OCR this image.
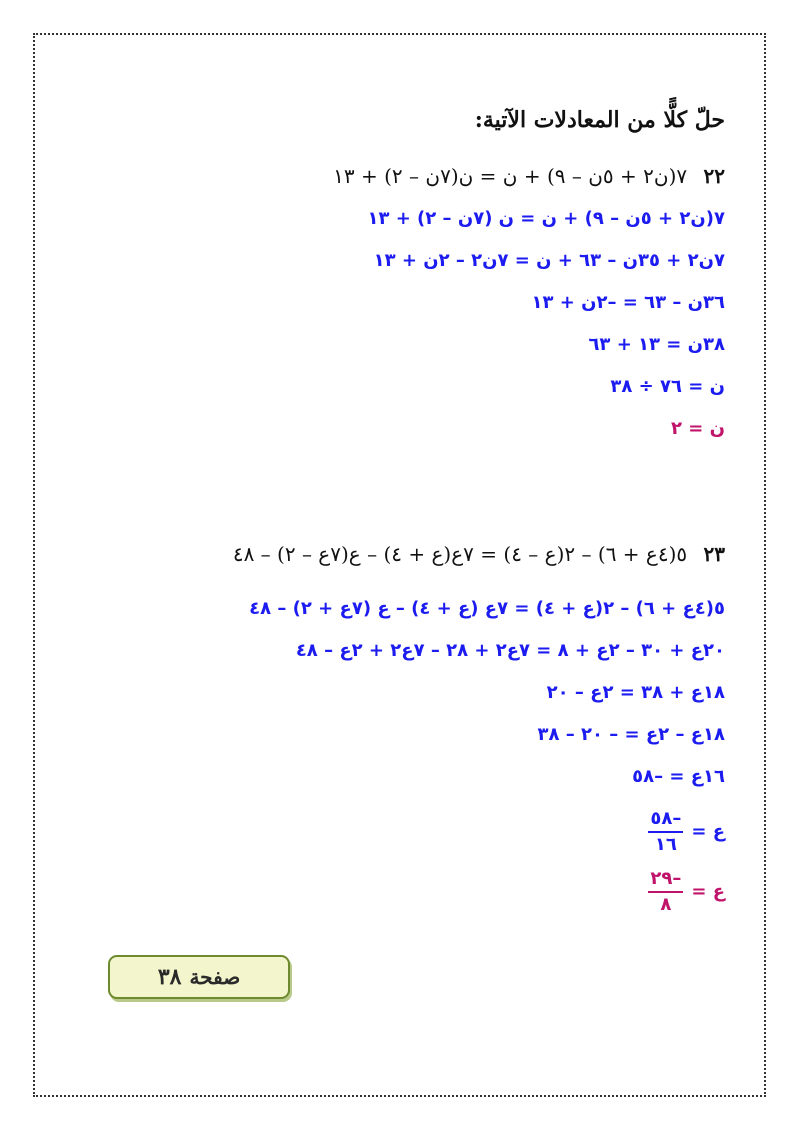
حلّ كلًّا من المعادلات الآتية:
٢٢ ٧(ن٢ + ٥ن – ٩) + ن = ن(٧ن – ٢) + ١٣
٧(ن٢ + ٥ن – ٩) + ن = ن (٧ن – ٢) + ١٣
٧ن٢ + ٣٥ن – ٦٣ + ن = ٧ن٢ – ٢ن + ١٣
٣٦ن – ٦٣ = –٢ن + ١٣
٣٨ن = ١٣ + ٦٣
ن = ٧٦ ÷ ٣٨
ن = ٢
٢٣ ٥(٤ع + ٦) – ٢(ع – ٤) = ٧ع(ع + ٤) – ع(٧ع – ٢) – ٤٨
٥(٤ع + ٦) – ٢(ع + ٤) = ٧ع (ع + ٤) – ع (٧ع + ٢) – ٤٨
٢٠ع + ٣٠ – ٢ع + ٨ = ٧ع٢ + ٢٨ – ٧ع٢ + ٢ع – ٤٨
١٨ع + ٣٨ = ٢ع – ٢٠
١٨ع – ٢ع = – ٢٠ – ٣٨
١٦ع = –٥٨
ع =
$\frac{-٥٨}{١٦}$
ع =
$\frac{-٢٩}{٨}$
صفحة
٣٨
